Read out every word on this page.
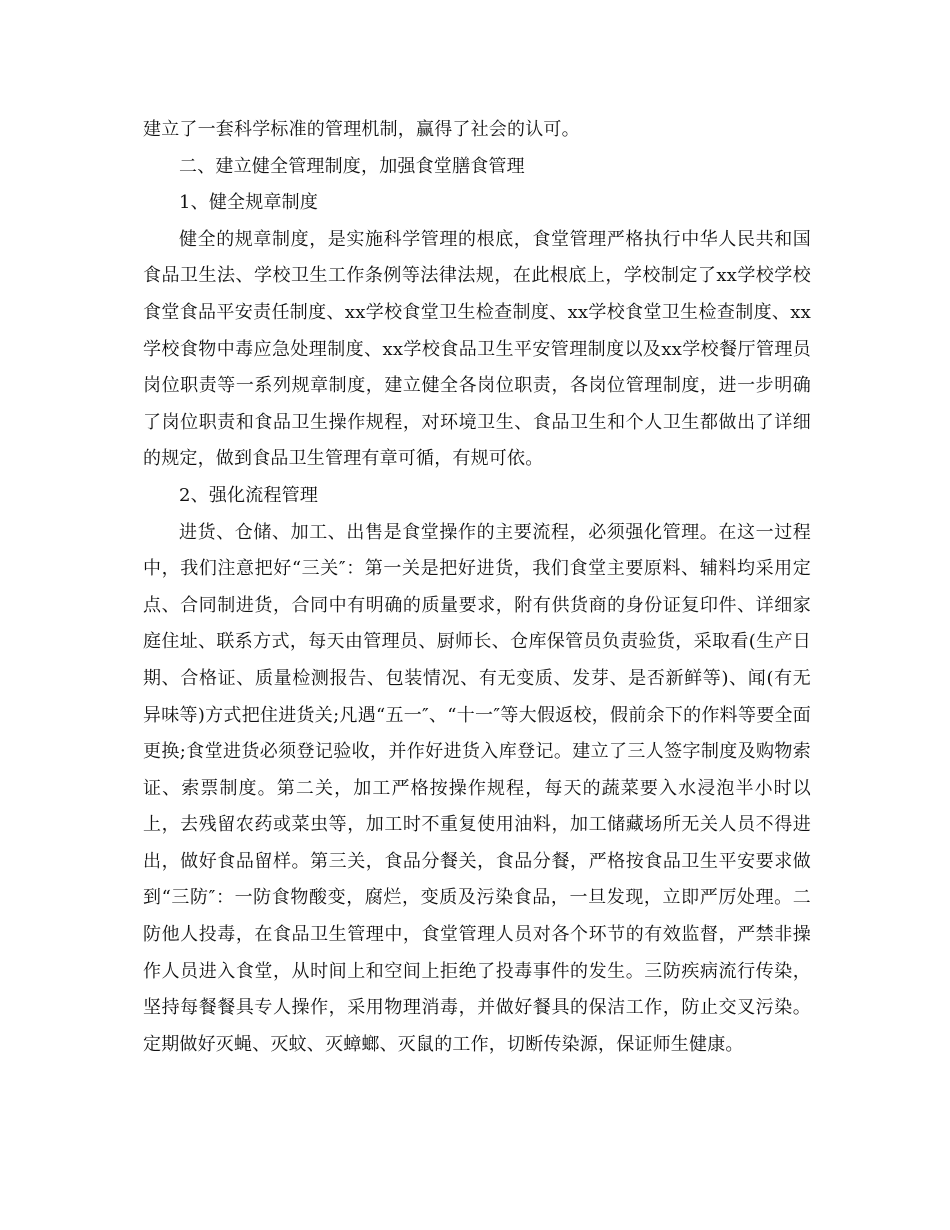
建立了一套科学标准的管理机制，赢得了社会的认可。

二、建立健全管理制度，加强食堂膳食管理

1、健全规章制度

健全的规章制度，是实施科学管理的根底，食堂管理严格执行中华人民共和国食品卫生法、学校卫生工作条例等法律法规，在此根底上，学校制定了xx学校学校食堂食品平安责任制度、xx学校食堂卫生检查制度、xx学校食堂卫生检查制度、xx学校食物中毒应急处理制度、xx学校食品卫生平安管理制度以及xx学校餐厅管理员岗位职责等一系列规章制度，建立健全各岗位职责，各岗位管理制度，进一步明确了岗位职责和食品卫生操作规程，对环境卫生、食品卫生和个人卫生都做出了详细的规定，做到食品卫生管理有章可循，有规可依。

2、强化流程管理

进货、仓储、加工、出售是食堂操作的主要流程，必须强化管理。在这一过程中，我们注意把好“三关″：第一关是把好进货，我们食堂主要原料、辅料均采用定点、合同制进货，合同中有明确的质量要求，附有供货商的身份证复印件、详细家庭住址、联系方式，每天由管理员、厨师长、仓库保管员负责验货，采取看(生产日期、合格证、质量检测报告、包装情况、有无变质、发芽、是否新鲜等)、闻(有无异味等)方式把住进货关;凡遇“五一″、“十一″等大假返校，假前余下的作料等要全面更换;食堂进货必须登记验收，并作好进货入库登记。建立了三人签字制度及购物索证、索票制度。第二关，加工严格按操作规程，每天的蔬菜要入水浸泡半小时以上，去残留农药或菜虫等，加工时不重复使用油料，加工储藏场所无关人员不得进出，做好食品留样。第三关，食品分餐关，食品分餐，严格按食品卫生平安要求做到“三防″：一防食物酸变，腐烂，变质及污染食品，一旦发现，立即严厉处理。二防他人投毒，在食品卫生管理中，食堂管理人员对各个环节的有效监督，严禁非操作人员进入食堂，从时间上和空间上拒绝了投毒事件的发生。三防疾病流行传染，坚持每餐餐具专人操作，采用物理消毒，并做好餐具的保洁工作，防止交叉污染。定期做好灭蝇、灭蚊、灭蟑螂、灭鼠的工作，切断传染源，保证师生健康。
